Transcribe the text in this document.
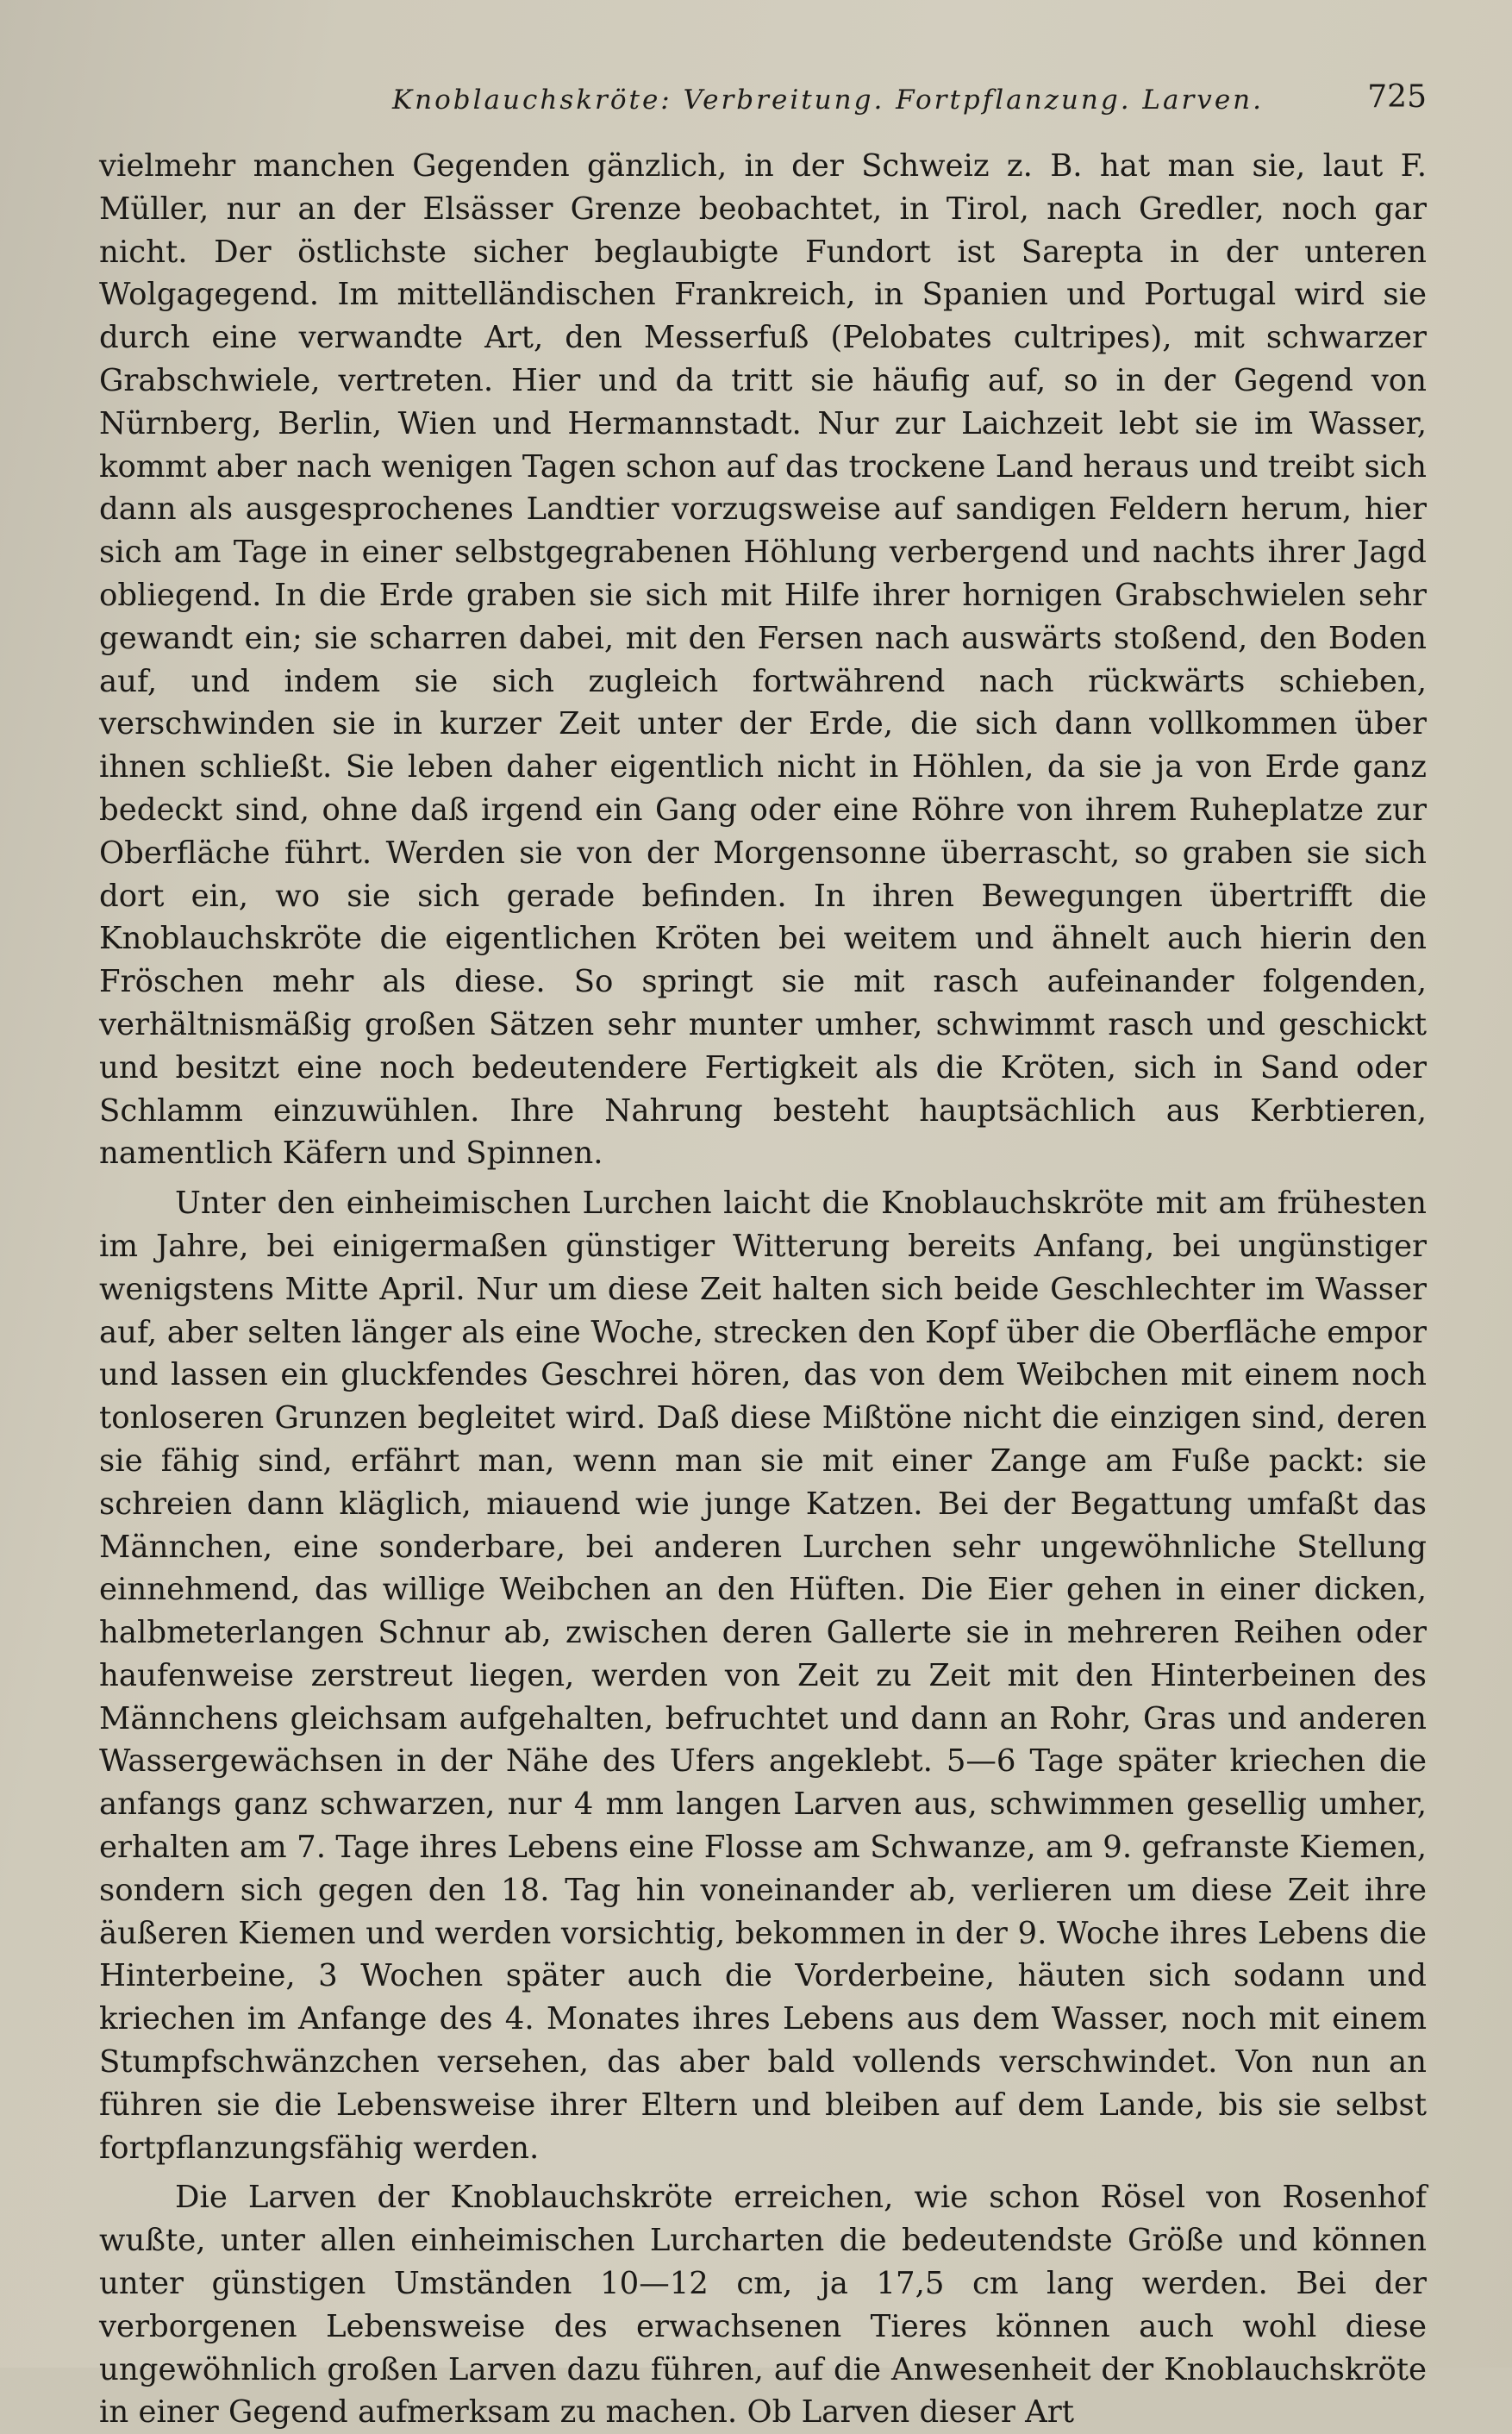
Knoblauchskröte: Verbreitung. Fortpflanzung. Larven.	725

vielmehr manchen Gegenden gänzlich, in der Schweiz z. B. hat man sie, laut F. Müller, nur an der Elsässer Grenze beobachtet, in Tirol, nach Gredler, noch gar nicht. Der östlichste sicher beglaubigte Fundort ist Sarepta in der unteren Wolgagegend. Im mittelländischen Frankreich, in Spanien und Portugal wird sie durch eine verwandte Art, den Messerfuß (Pelobates cultripes), mit schwarzer Grabschwiele, vertreten. Hier und da tritt sie häufig auf, so in der Gegend von Nürnberg, Berlin, Wien und Hermannstadt. Nur zur Laichzeit lebt sie im Wasser, kommt aber nach wenigen Tagen schon auf das trockene Land heraus und treibt sich dann als ausgesprochenes Landtier vorzugsweise auf sandigen Feldern herum, hier sich am Tage in einer selbstgegrabenen Höhlung verbergend und nachts ihrer Jagd obliegend. In die Erde graben sie sich mit Hilfe ihrer hornigen Grabschwielen sehr gewandt ein; sie scharren dabei, mit den Fersen nach auswärts stoßend, den Boden auf, und indem sie sich zugleich fortwährend nach rückwärts schieben, verschwinden sie in kurzer Zeit unter der Erde, die sich dann vollkommen über ihnen schließt. Sie leben daher eigentlich nicht in Höhlen, da sie ja von Erde ganz bedeckt sind, ohne daß irgend ein Gang oder eine Röhre von ihrem Ruheplatze zur Oberfläche führt. Werden sie von der Morgensonne überrascht, so graben sie sich dort ein, wo sie sich gerade befinden. In ihren Bewegungen übertrifft die Knoblauchskröte die eigentlichen Kröten bei weitem und ähnelt auch hierin den Fröschen mehr als diese. So springt sie mit rasch aufeinander folgenden, verhältnismäßig großen Sätzen sehr munter umher, schwimmt rasch und geschickt und besitzt eine noch bedeutendere Fertigkeit als die Kröten, sich in Sand oder Schlamm einzuwühlen. Ihre Nahrung besteht hauptsächlich aus Kerbtieren, namentlich Käfern und Spinnen.

Unter den einheimischen Lurchen laicht die Knoblauchskröte mit am frühesten im Jahre, bei einigermaßen günstiger Witterung bereits Anfang, bei ungünstiger wenigstens Mitte April. Nur um diese Zeit halten sich beide Geschlechter im Wasser auf, aber selten länger als eine Woche, strecken den Kopf über die Oberfläche empor und lassen ein gluckfendes Geschrei hören, das von dem Weibchen mit einem noch tonloseren Grunzen begleitet wird. Daß diese Mißtöne nicht die einzigen sind, deren sie fähig sind, erfährt man, wenn man sie mit einer Zange am Fuße packt: sie schreien dann kläglich, miauend wie junge Katzen. Bei der Begattung umfaßt das Männchen, eine sonderbare, bei anderen Lurchen sehr ungewöhnliche Stellung einnehmend, das willige Weibchen an den Hüften. Die Eier gehen in einer dicken, halbmeterlangen Schnur ab, zwischen deren Gallerte sie in mehreren Reihen oder haufenweise zerstreut liegen, werden von Zeit zu Zeit mit den Hinterbeinen des Männchens gleichsam aufgehalten, befruchtet und dann an Rohr, Gras und anderen Wassergewächsen in der Nähe des Ufers angeklebt. 5—6 Tage später kriechen die anfangs ganz schwarzen, nur 4 mm langen Larven aus, schwimmen gesellig umher, erhalten am 7. Tage ihres Lebens eine Flosse am Schwanze, am 9. gefranste Kiemen, sondern sich gegen den 18. Tag hin voneinander ab, verlieren um diese Zeit ihre äußeren Kiemen und werden vorsichtig, bekommen in der 9. Woche ihres Lebens die Hinterbeine, 3 Wochen später auch die Vorderbeine, häuten sich sodann und kriechen im Anfange des 4. Monates ihres Lebens aus dem Wasser, noch mit einem Stumpfschwänzchen versehen, das aber bald vollends verschwindet. Von nun an führen sie die Lebensweise ihrer Eltern und bleiben auf dem Lande, bis sie selbst fortpflanzungsfähig werden.

Die Larven der Knoblauchskröte erreichen, wie schon Rösel von Rosenhof wußte, unter allen einheimischen Lurcharten die bedeutendste Größe und können unter günstigen Umständen 10—12 cm, ja 17,5 cm lang werden. Bei der verborgenen Lebensweise des erwachsenen Tieres können auch wohl diese ungewöhnlich großen Larven dazu führen, auf die Anwesenheit der Knoblauchskröte in einer Gegend aufmerksam zu machen. Ob Larven dieser Art
